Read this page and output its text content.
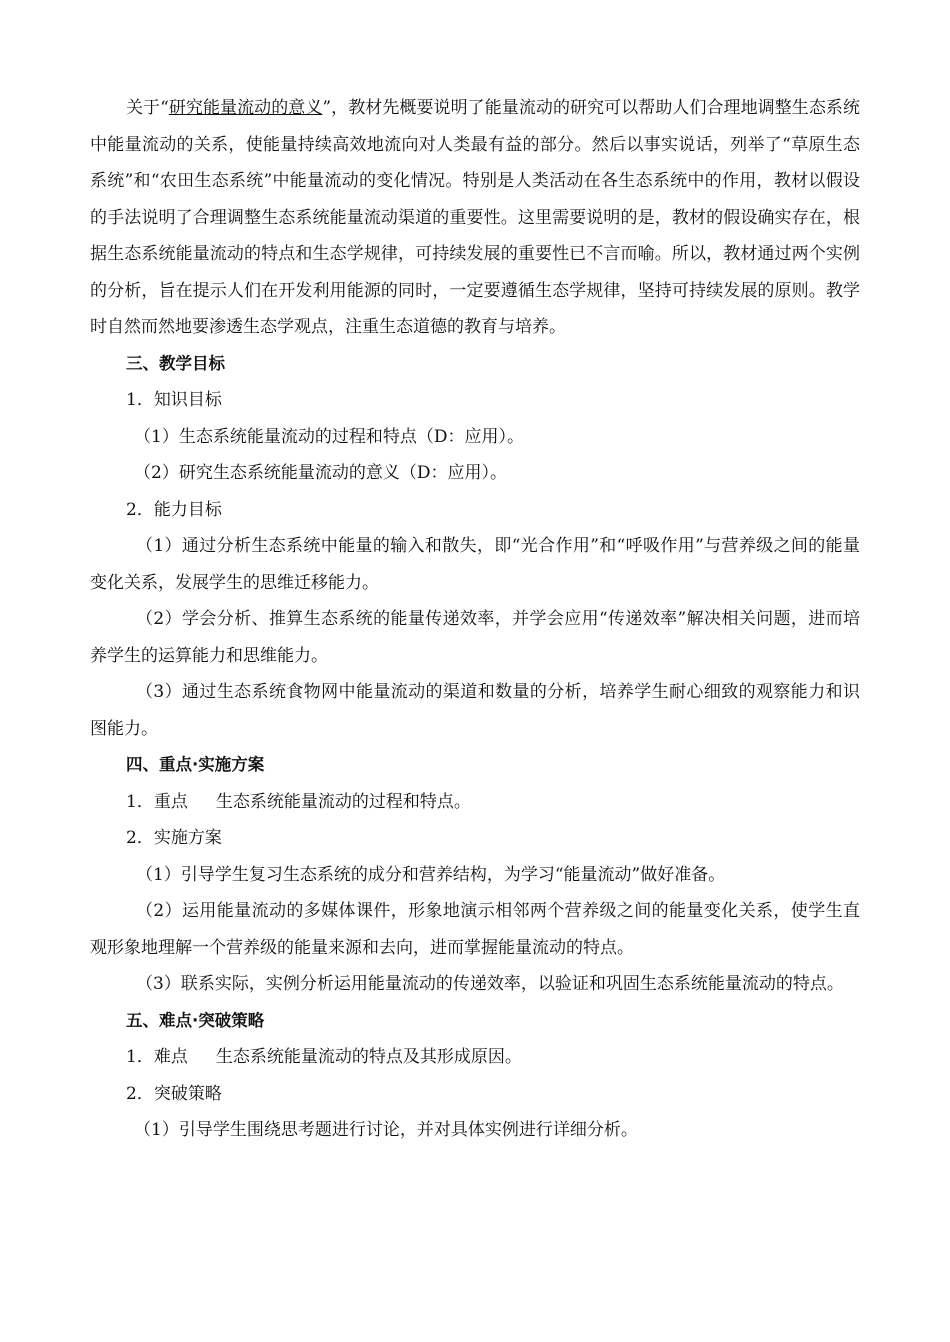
关于“研究能量流动的意义”，教材先概要说明了能量流动的研究可以帮助人们合理地调整生态系统中能量流动的关系，使能量持续高效地流向对人类最有益的部分。然后以事实说话，列举了“草原生态系统”和“农田生态系统”中能量流动的变化情况。特别是人类活动在各生态系统中的作用，教材以假设的手法说明了合理调整生态系统能量流动渠道的重要性。这里需要说明的是，教材的假设确实存在，根据生态系统能量流动的特点和生态学规律，可持续发展的重要性已不言而喻。所以，教材通过两个实例的分析，旨在提示人们在开发利用能源的同时，一定要遵循生态学规律，坚持可持续发展的原则。教学时自然而然地要渗透生态学观点，注重生态道德的教育与培养。

三、教学目标

1．知识目标

（1）生态系统能量流动的过程和特点（D：应用）。

（2）研究生态系统能量流动的意义（D：应用）。

2．能力目标

（1）通过分析生态系统中能量的输入和散失，即“光合作用”和“呼吸作用”与营养级之间的能量变化关系，发展学生的思维迁移能力。

（2）学会分析、推算生态系统的能量传递效率，并学会应用“传递效率”解决相关问题，进而培养学生的运算能力和思维能力。

（3）通过生态系统食物网中能量流动的渠道和数量的分析，培养学生耐心细致的观察能力和识图能力。

四、重点·实施方案

1．重点 生态系统能量流动的过程和特点。

2．实施方案

（1）引导学生复习生态系统的成分和营养结构，为学习“能量流动”做好准备。

（2）运用能量流动的多媒体课件，形象地演示相邻两个营养级之间的能量变化关系，使学生直观形象地理解一个营养级的能量来源和去向，进而掌握能量流动的特点。

（3）联系实际，实例分析运用能量流动的传递效率，以验证和巩固生态系统能量流动的特点。

五、难点·突破策略

1．难点 生态系统能量流动的特点及其形成原因。

2．突破策略

（1）引导学生围绕思考题进行讨论，并对具体实例进行详细分析。
